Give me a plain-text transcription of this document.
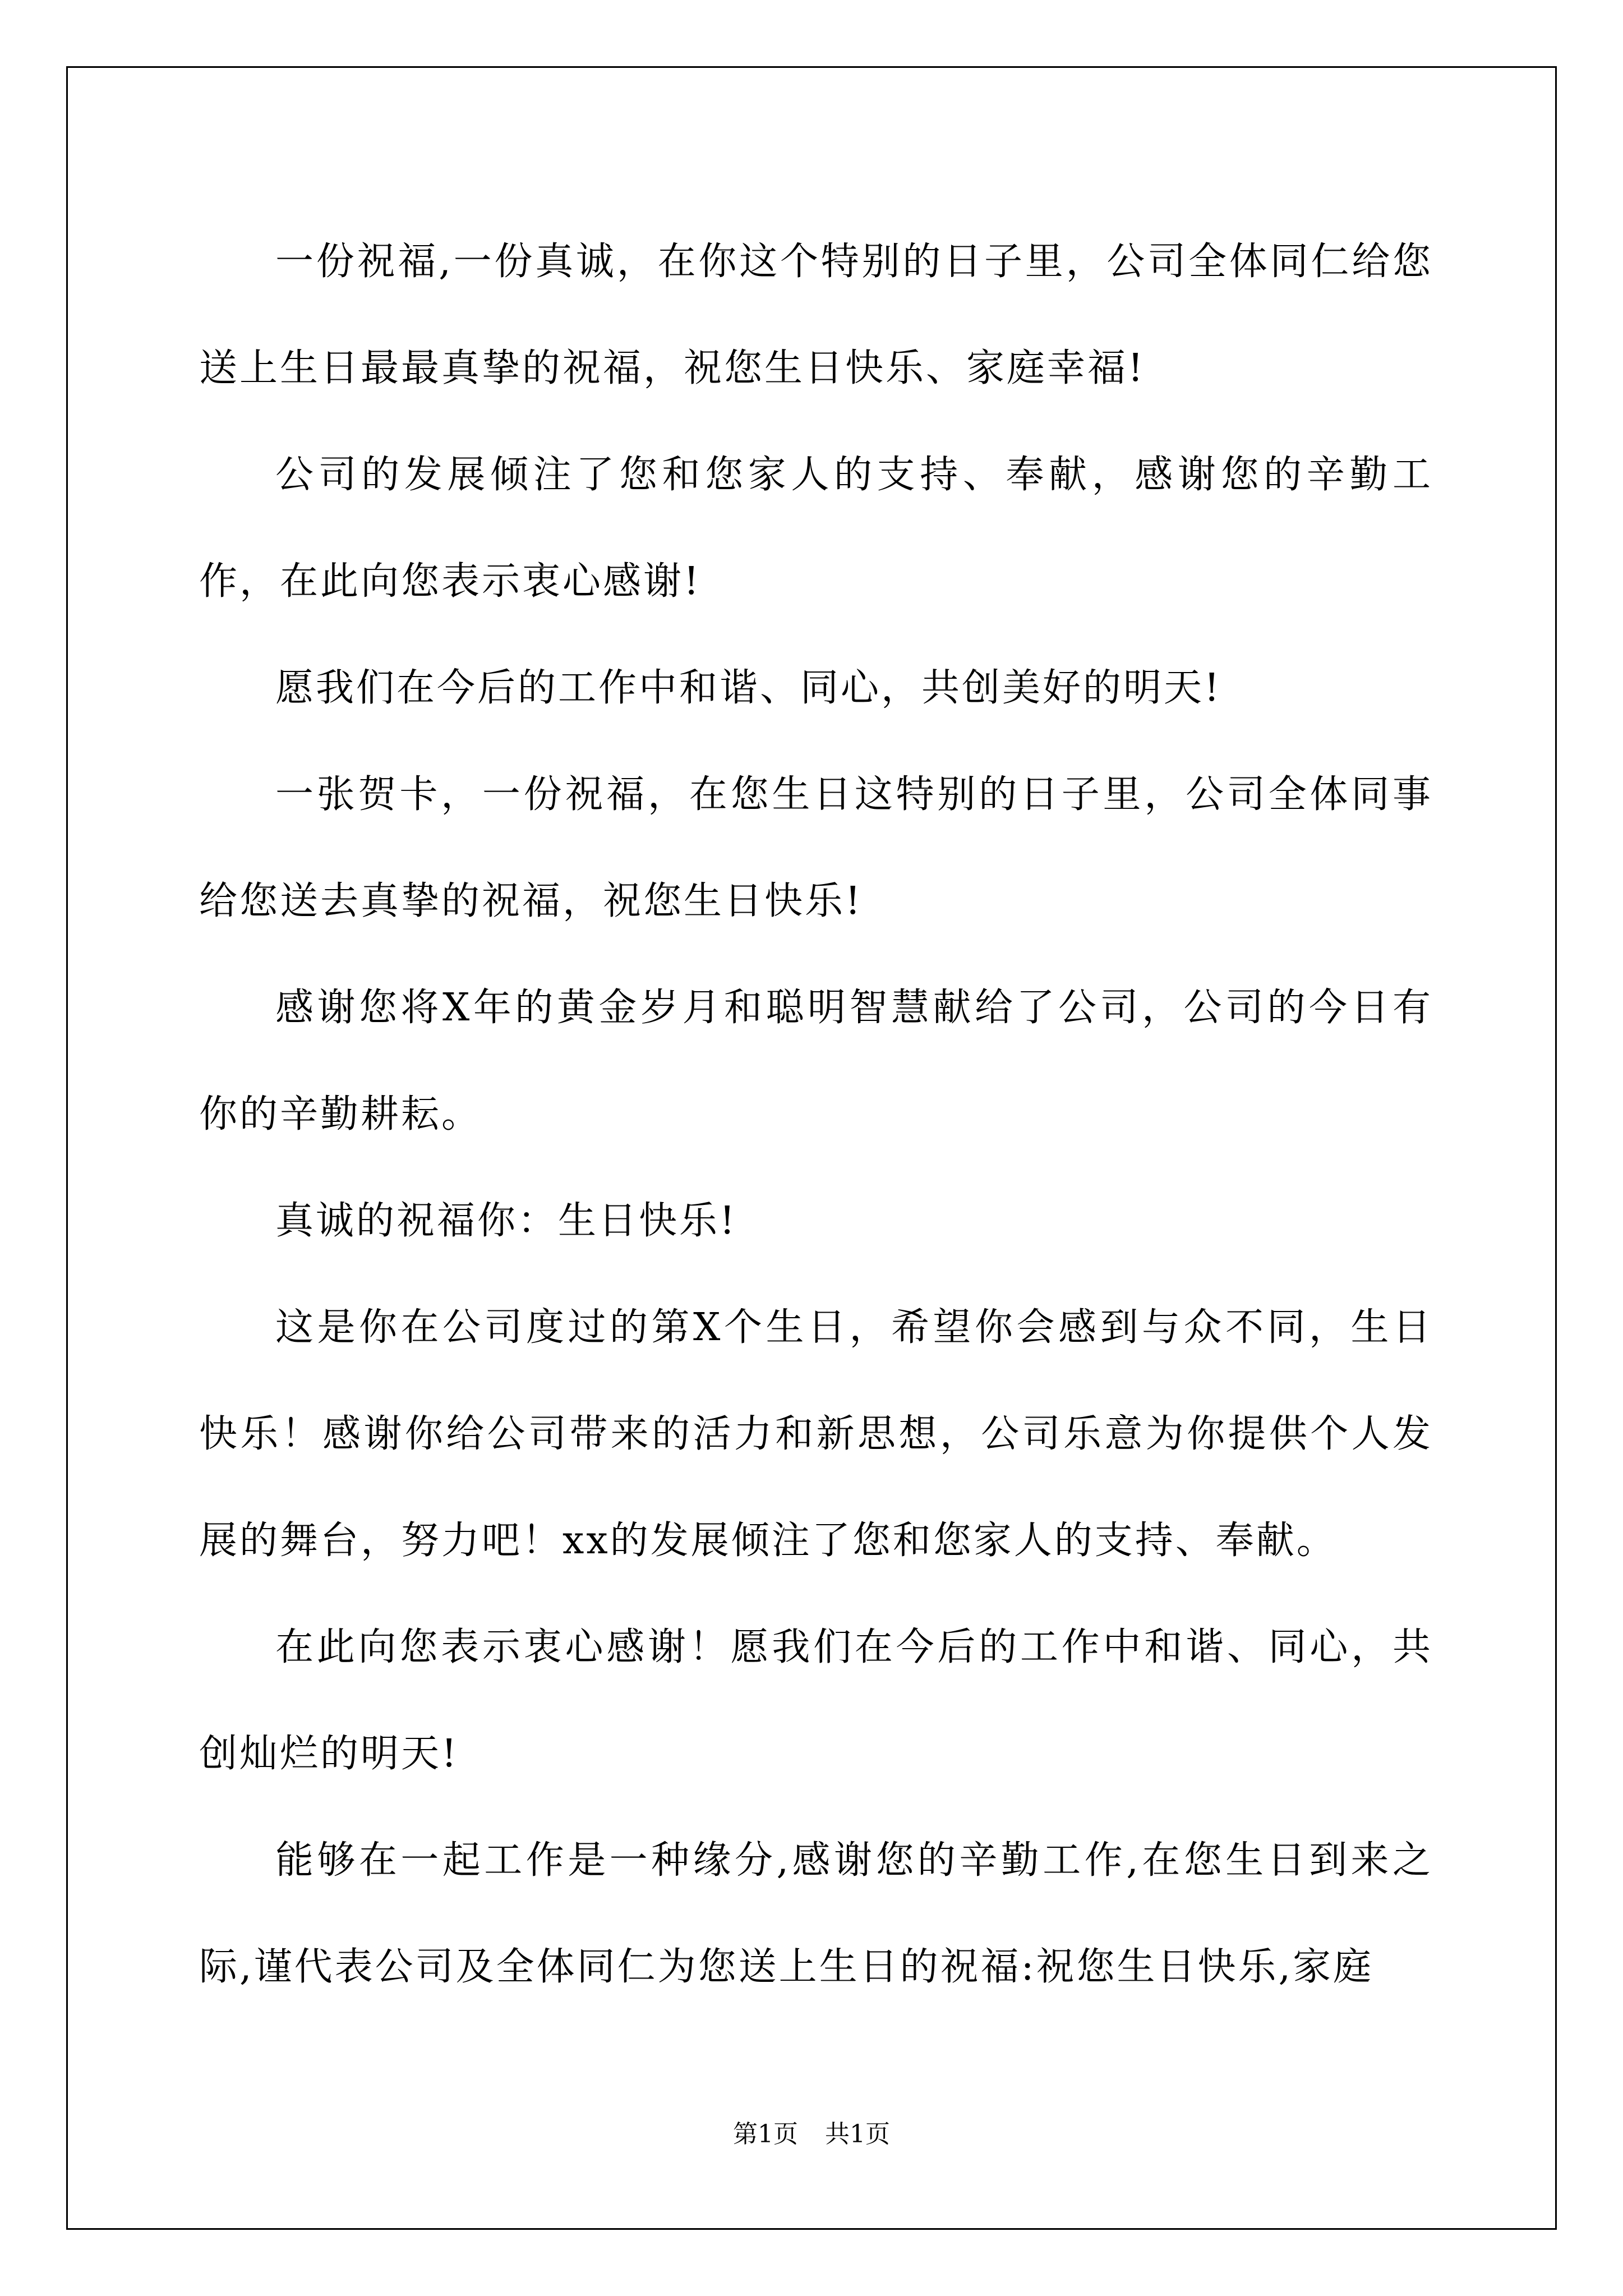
一份祝福,一份真诚，在你这个特别的日子里，公司全体同仁给您送上生日最最真挚的祝福，祝您生日快乐、家庭幸福!

公司的发展倾注了您和您家人的支持、奉献，感谢您的辛勤工作，在此向您表示衷心感谢!

愿我们在今后的工作中和谐、同心，共创美好的明天!

一张贺卡，一份祝福，在您生日这特别的日子里，公司全体同事给您送去真挚的祝福，祝您生日快乐!

感谢您将X年的黄金岁月和聪明智慧献给了公司，公司的今日有你的辛勤耕耘。

真诚的祝福你：生日快乐!

这是你在公司度过的第X个生日，希望你会感到与众不同，生日快乐！感谢你给公司带来的活力和新思想，公司乐意为你提供个人发展的舞台，努力吧！xx的发展倾注了您和您家人的支持、奉献。

在此向您表示衷心感谢！愿我们在今后的工作中和谐、同心，共创灿烂的明天!

能够在一起工作是一种缘分,感谢您的辛勤工作,在您生日到来之际,谨代表公司及全体同仁为您送上生日的祝福:祝您生日快乐,家庭

第1页 共1页
